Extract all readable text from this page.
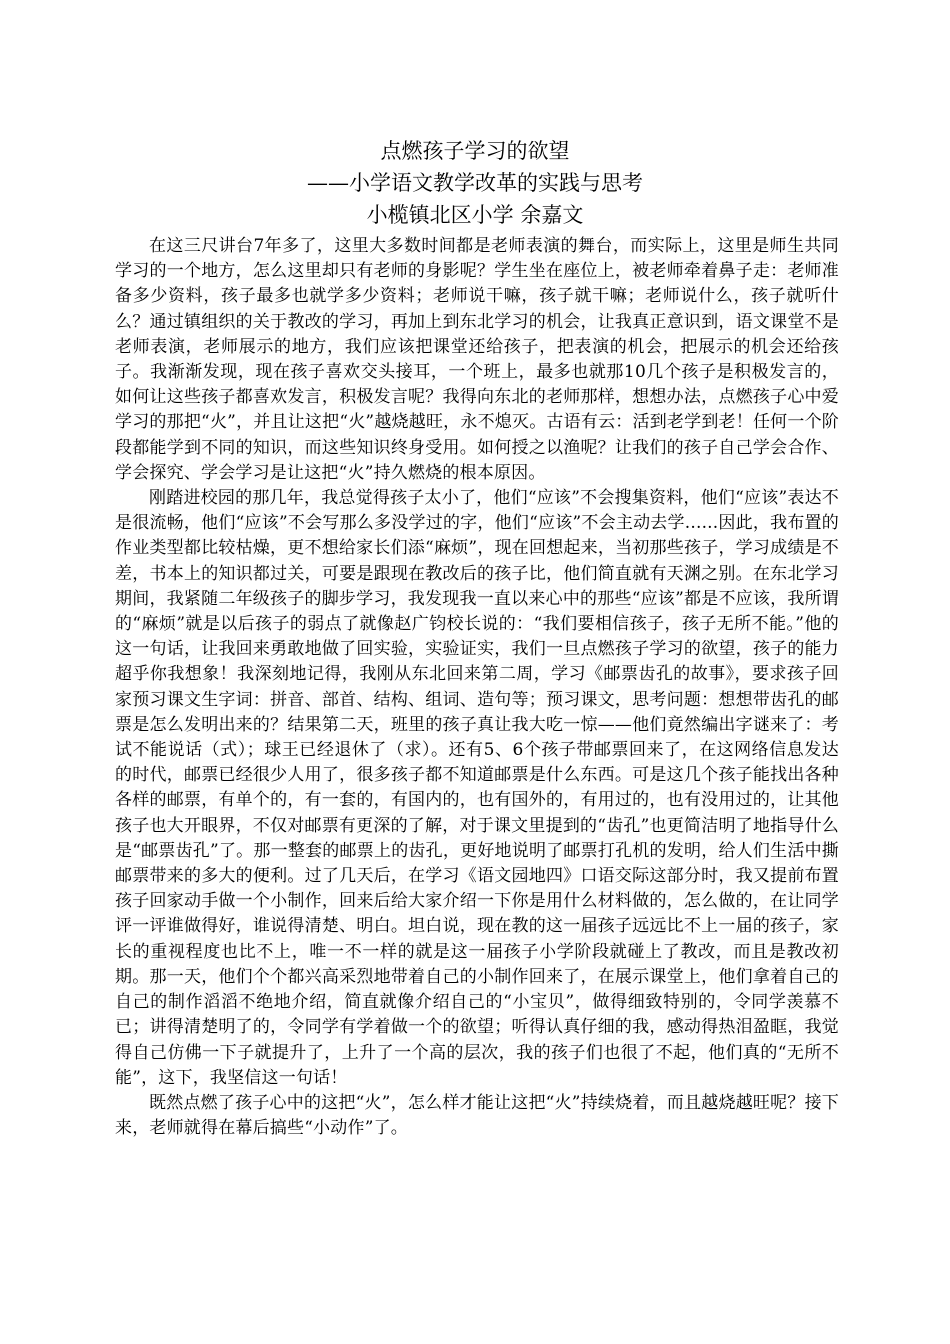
点燃孩子学习的欲望
——小学语文教学改革的实践与思考
小榄镇北区小学 余嘉文

在这三尺讲台7年多了，这里大多数时间都是老师表演的舞台，而实际上，这里是师生共同学习的一个地方，怎么这里却只有老师的身影呢？学生坐在座位上，被老师牵着鼻子走：老师准备多少资料，孩子最多也就学多少资料；老师说干嘛，孩子就干嘛；老师说什么，孩子就听什么？通过镇组织的关于教改的学习，再加上到东北学习的机会，让我真正意识到，语文课堂不是老师表演，老师展示的地方，我们应该把课堂还给孩子，把表演的机会，把展示的机会还给孩子。我渐渐发现，现在孩子喜欢交头接耳，一个班上，最多也就那10几个孩子是积极发言的，如何让这些孩子都喜欢发言，积极发言呢？我得向东北的老师那样，想想办法，点燃孩子心中爱学习的那把“火”，并且让这把“火”越烧越旺，永不熄灭。古语有云：活到老学到老！任何一个阶段都能学到不同的知识，而这些知识终身受用。如何授之以渔呢？让我们的孩子自己学会合作、学会探究、学会学习是让这把“火”持久燃烧的根本原因。

刚踏进校园的那几年，我总觉得孩子太小了，他们“应该”不会搜集资料，他们“应该”表达不是很流畅，他们“应该”不会写那么多没学过的字，他们“应该”不会主动去学......因此，我布置的作业类型都比较枯燥，更不想给家长们添“麻烦”，现在回想起来，当初那些孩子，学习成绩是不差，书本上的知识都过关，可要是跟现在教改后的孩子比，他们简直就有天渊之别。在东北学习期间，我紧随二年级孩子的脚步学习，我发现我一直以来心中的那些“应该”都是不应该，我所谓的“麻烦”就是以后孩子的弱点了就像赵广钧校长说的：“我们要相信孩子，孩子无所不能。”他的这一句话，让我回来勇敢地做了回实验，实验证实，我们一旦点燃孩子学习的欲望，孩子的能力超乎你我想象！我深刻地记得，我刚从东北回来第二周，学习《邮票齿孔的故事》，要求孩子回家预习课文生字词：拼音、部首、结构、组词、造句等；预习课文，思考问题：想想带齿孔的邮票是怎么发明出来的？结果第二天，班里的孩子真让我大吃一惊——他们竟然编出字谜来了：考试不能说话（式）；球王已经退休了（求）。还有5、6个孩子带邮票回来了，在这网络信息发达的时代，邮票已经很少人用了，很多孩子都不知道邮票是什么东西。可是这几个孩子能找出各种各样的邮票，有单个的，有一套的，有国内的，也有国外的，有用过的，也有没用过的，让其他孩子也大开眼界，不仅对邮票有更深的了解，对于课文里提到的“齿孔”也更简洁明了地指导什么是“邮票齿孔”了。那一整套的邮票上的齿孔，更好地说明了邮票打孔机的发明，给人们生活中撕邮票带来的多大的便利。过了几天后，在学习《语文园地四》口语交际这部分时，我又提前布置孩子回家动手做一个小制作，回来后给大家介绍一下你是用什么材料做的，怎么做的，在让同学评一评谁做得好，谁说得清楚、明白。坦白说，现在教的这一届孩子远远比不上一届的孩子，家长的重视程度也比不上，唯一不一样的就是这一届孩子小学阶段就碰上了教改，而且是教改初期。那一天，他们个个都兴高采烈地带着自己的小制作回来了，在展示课堂上，他们拿着自己的自己的制作滔滔不绝地介绍，简直就像介绍自己的“小宝贝”，做得细致特别的，令同学羡慕不已；讲得清楚明了的，令同学有学着做一个的欲望；听得认真仔细的我，感动得热泪盈眶，我觉得自己仿佛一下子就提升了，上升了一个高的层次，我的孩子们也很了不起，他们真的“无所不能”，这下，我坚信这一句话！

既然点燃了孩子心中的这把“火”，怎么样才能让这把“火”持续烧着，而且越烧越旺呢？接下来，老师就得在幕后搞些“小动作”了。
